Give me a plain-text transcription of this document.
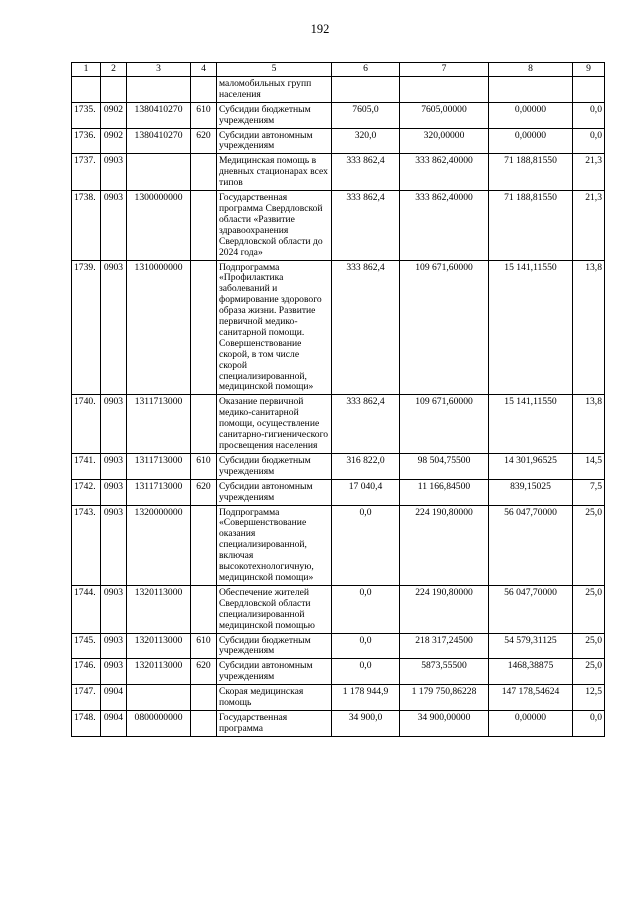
192
1	2	3	4	5	6	7	8	9
				маломобильных групп населения				
1735.	0902	1380410270	610	Субсидии бюджетным учреждениям	7605,0	7605,00000	0,00000	0,0
1736.	0902	1380410270	620	Субсидии автономным учреждениям	320,0	320,00000	0,00000	0,0
1737.	0903			Медицинская помощь в дневных стационарах всех типов	333 862,4	333 862,40000	71 188,81550	21,3
1738.	0903	1300000000		Государственная программа Свердловской области «Развитие здравоохранения Свердловской области до 2024 года»	333 862,4	333 862,40000	71 188,81550	21,3
1739.	0903	1310000000		Подпрограмма «Профилактика заболеваний и формирование здорового образа жизни. Развитие первичной медико-санитарной помощи. Совершенствование скорой, в том числе скорой специализированной, медицинской помощи»	333 862,4	109 671,60000	15 141,11550	13,8
1740.	0903	1311713000		Оказание первичной медико-санитарной помощи, осуществление санитарно-гигиенического просвещения населения	333 862,4	109 671,60000	15 141,11550	13,8
1741.	0903	1311713000	610	Субсидии бюджетным учреждениям	316 822,0	98 504,75500	14 301,96525	14,5
1742.	0903	1311713000	620	Субсидии автономным учреждениям	17 040,4	11 166,84500	839,15025	7,5
1743.	0903	1320000000		Подпрограмма «Совершенствование оказания специализированной, включая высокотехнологичную, медицинской помощи»	0,0	224 190,80000	56 047,70000	25,0
1744.	0903	1320113000		Обеспечение жителей Свердловской области специализированной медицинской помощью	0,0	224 190,80000	56 047,70000	25,0
1745.	0903	1320113000	610	Субсидии бюджетным учреждениям	0,0	218 317,24500	54 579,31125	25,0
1746.	0903	1320113000	620	Субсидии автономным учреждениям	0,0	5873,55500	1468,38875	25,0
1747.	0904			Скорая медицинская помощь	1 178 944,9	1 179 750,86228	147 178,54624	12,5
1748.	0904	0800000000		Государственная программа	34 900,0	34 900,00000	0,00000	0,0
